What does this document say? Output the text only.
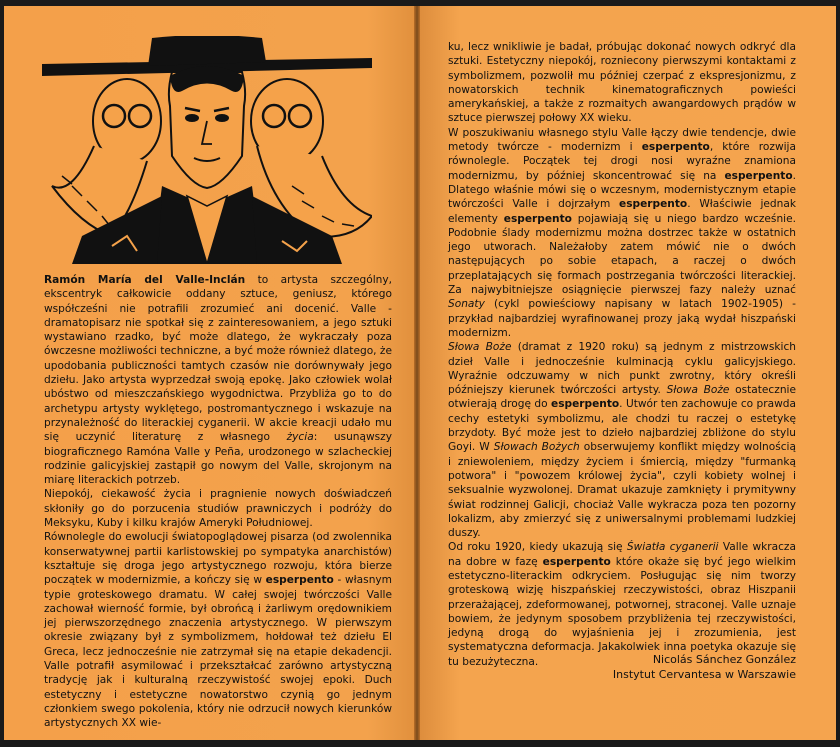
Ramón María del Valle-Inclán to artysta szczególny, ekscentryk całkowicie oddany sztuce, geniusz, którego współcześni nie potrafili zrozumieć ani docenić. Valle - dramatopisarz nie spotkał się z zainteresowaniem, a jego sztuki wystawiano rzadko, być może dlatego, że wykraczały poza ówczesne możliwości techniczne, a być może również dlatego, że upodobania publiczności tamtych czasów nie dorównywały jego dziełu. Jako artysta wyprzedzał swoją epokę. Jako człowiek wolał ubóstwo od mieszczańskiego wygodnictwa. Przybliża go to do archetypu artysty wyklętego, postromantycznego i wskazuje na przynależność do literackiej cyganerii. W akcie kreacji udało mu się uczynić literaturę z własnego życia: usunąwszy biograficznego Ramóna Valle y Peña, urodzonego w szlacheckiej rodzinie galicyjskiej zastąpił go nowym del Valle, skrojonym na miarę literackich potrzeb.

Niepokój, ciekawość życia i pragnienie nowych doświadczeń skłoniły go do porzucenia studiów prawniczych i podróży do Meksyku, Kuby i kilku krajów Ameryki Południowej.

Równolegle do ewolucji światopoglądowej pisarza (od zwolennika konserwatywnej partii karlistowskiej po sympatyka anarchistów) kształtuje się droga jego artystycznego rozwoju, która bierze początek w modernizmie, a kończy się w esperpento - własnym typie groteskowego dramatu. W całej swojej twórczości Valle zachował wierność formie, był obrońcą i żarliwym orędownikiem jej pierwszorzędnego znaczenia artystycznego. W pierwszym okresie związany był z symbolizmem, hołdował też dziełu El Greca, lecz jednocześnie nie zatrzymał się na etapie dekadencji. Valle potrafił asymilować i przekształcać zarówno artystyczną tradycję jak i kulturalną rzeczywistość swojej epoki. Duch estetyczny i estetyczne nowatorstwo czynią go jednym członkiem swego pokolenia, który nie odrzucił nowych kierunków artystycznych XX wie-

ku, lecz wnikliwie je badał, próbując dokonać nowych odkryć dla sztuki. Estetyczny niepokój, rozniecony pierwszymi kontaktami z symbolizmem, pozwolił mu później czerpać z ekspresjonizmu, z nowatorskich technik kinematograficznych powieści amerykańskiej, a także z rozmaitych awangardowych prądów w sztuce pierwszej połowy XX wieku.

W poszukiwaniu własnego stylu Valle łączy dwie tendencje, dwie metody twórcze - modernizm i esperpento, które rozwija równolegle. Początek tej drogi nosi wyraźne znamiona modernizmu, by później skoncentrować się na esperpento. Dlatego właśnie mówi się o wczesnym, modernistycznym etapie twórczości Valle i dojrzałym esperpento. Właściwie jednak elementy esperpento pojawiają się u niego bardzo wcześnie. Podobnie ślady modernizmu można dostrzec także w ostatnich jego utworach. Należałoby zatem mówić nie o dwóch następujących po sobie etapach, a raczej o dwóch przeplatających się formach postrzegania twórczości literackiej. Za najwybitniejsze osiągnięcie pierwszej fazy należy uznać Sonaty (cykl powieściowy napisany w latach 1902-1905) - przykład najbardziej wyrafinowanej prozy jaką wydał hiszpański modernizm.

Słowa Boże (dramat z 1920 roku) są jednym z mistrzowskich dzieł Valle i jednocześnie kulminacją cyklu galicyjskiego. Wyraźnie odczuwamy w nich punkt zwrotny, który określi późniejszy kierunek twórczości artysty. Słowa Boże ostatecznie otwierają drogę do esperpento. Utwór ten zachowuje co prawda cechy estetyki symbolizmu, ale chodzi tu raczej o estetykę brzydoty. Być może jest to dzieło najbardziej zbliżone do stylu Goyi. W Słowach Bożych obserwujemy konflikt między wolnością i zniewoleniem, między życiem i śmiercią, między "furmanką potwora" i "powozem królowej życia", czyli kobiety wolnej i seksualnie wyzwolonej. Dramat ukazuje zamknięty i prymitywny świat rodzinnej Galicji, chociaż Valle wykracza poza ten pozorny lokalizm, aby zmierzyć się z uniwersalnymi problemami ludzkiej duszy.

Od roku 1920, kiedy ukazują się Światła cyganerii Valle wkracza na dobre w fazę esperpento które okaże się być jego wielkim estetyczno-literackim odkryciem. Posługując się nim tworzy groteskową wizję hiszpańskiej rzeczywistości, obraz Hiszpanii przerażającej, zdeformowanej, potwornej, straconej. Valle uznaje bowiem, że jedynym sposobem przybliżenia tej rzeczywistości, jedyną drogą do wyjaśnienia jej i zrozumienia, jest systematyczna deformacja. Jakakolwiek inna poetyka okazuje się tu bezużyteczna.	Nicolás Sánchez González
Instytut Cervantesa w Warszawie
